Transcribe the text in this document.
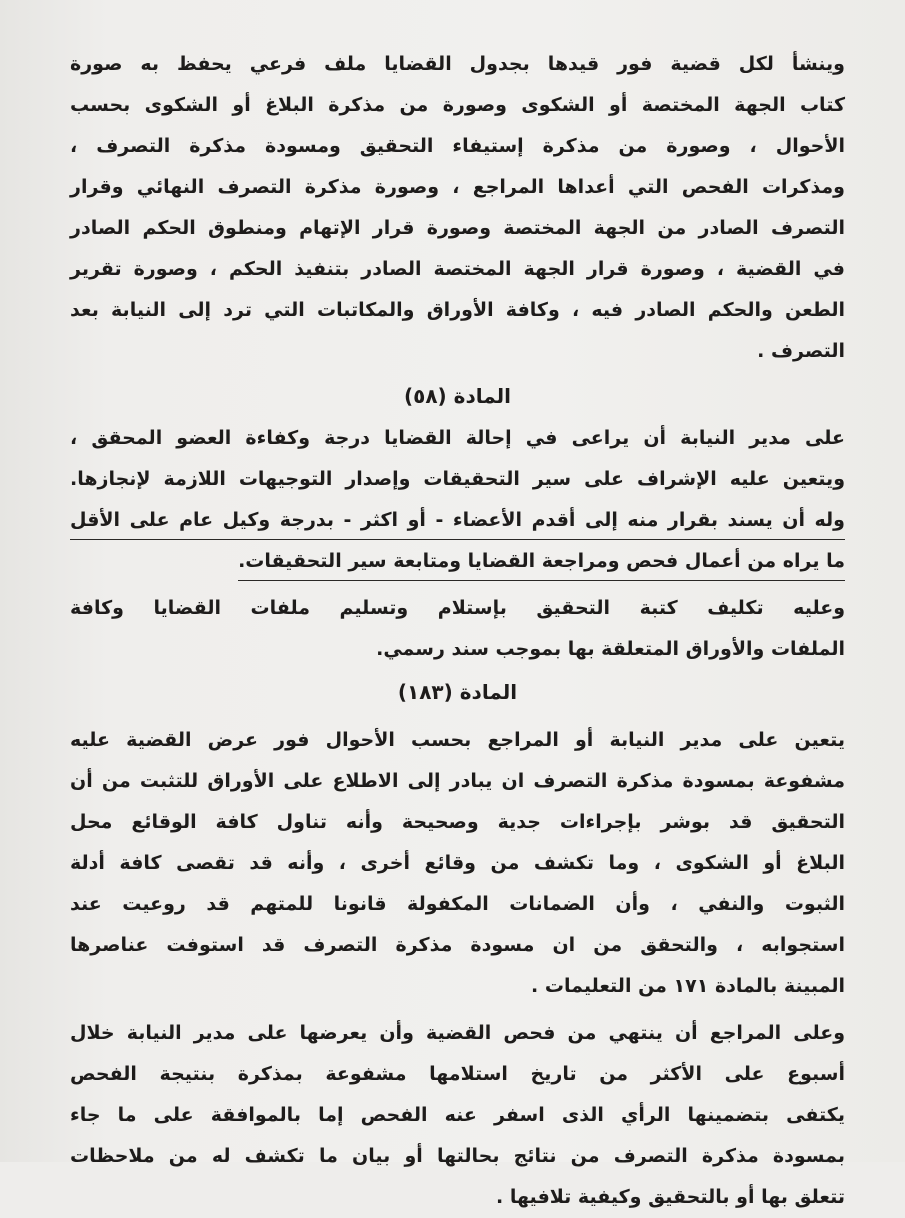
وينشأ لكل قضية فور قيدها بجدول القضايا ملف فرعي يحفظ به صورة
كتاب الجهة المختصة أو الشكوى وصورة من مذكرة البلاغ أو الشكوى بحسب
الأحوال ، وصورة من مذكرة إستيفاء التحقيق ومسودة مذكرة التصرف ،
ومذكرات الفحص التي أعداها المراجع ، وصورة مذكرة التصرف النهائي وقرار
التصرف الصادر من الجهة المختصة وصورة قرار الإتهام ومنطوق الحكم الصادر
في القضية ، وصورة قرار الجهة المختصة الصادر بتنفيذ الحكم ، وصورة تقرير
الطعن والحكم الصادر فيه ، وكافة الأوراق والمكاتبات التي ترد إلى النيابة بعد
التصرف .
المادة (٥٨)
على مدير النيابة أن يراعى في إحالة القضايا درجة وكفاءة العضو المحقق ،
ويتعين عليه الإشراف على سير التحقيقات وإصدار التوجيهات اللازمة لإنجازها.
وله أن يسند بقرار منه إلى أقدم الأعضاء - أو اكثر - بدرجة وكيل عام على الأقل
ما يراه من أعمال فحص ومراجعة القضايا ومتابعة سير التحقيقات.
وعليه تكليف كتبة التحقيق بإستلام وتسليم ملفات القضايا وكافة
الملفات والأوراق المتعلقة بها بموجب سند رسمي.
المادة (١٨٣)
يتعين على مدير النيابة أو المراجع بحسب الأحوال فور عرض القضية عليه
مشفوعة بمسودة مذكرة التصرف ان يبادر إلى الاطلاع على الأوراق للتثبت من أن
التحقيق قد بوشر بإجراءات جدية وصحيحة وأنه تناول كافة الوقائع محل
البلاغ أو الشكوى ، وما تكشف من وقائع أخرى ، وأنه قد تقصى كافة أدلة
الثبوت والنفي ، وأن الضمانات المكفولة قانونا للمتهم قد روعيت عند
استجوابه ، والتحقق من ان مسودة مذكرة التصرف قد استوفت عناصرها
المبينة بالمادة ١٧١ من التعليمات .
وعلى المراجع أن ينتهي من فحص القضية وأن يعرضها على مدير النيابة خلال
أسبوع على الأكثر من تاريخ استلامها مشفوعة بمذكرة بنتيجة الفحص
يكتفى بتضمينها الرأي الذى اسفر عنه الفحص إما بالموافقة على ما جاء
بمسودة مذكرة التصرف من نتائج بحالتها أو بيان ما تكشف له من ملاحظات
تتعلق بها أو بالتحقيق وكيفية تلافيها .
